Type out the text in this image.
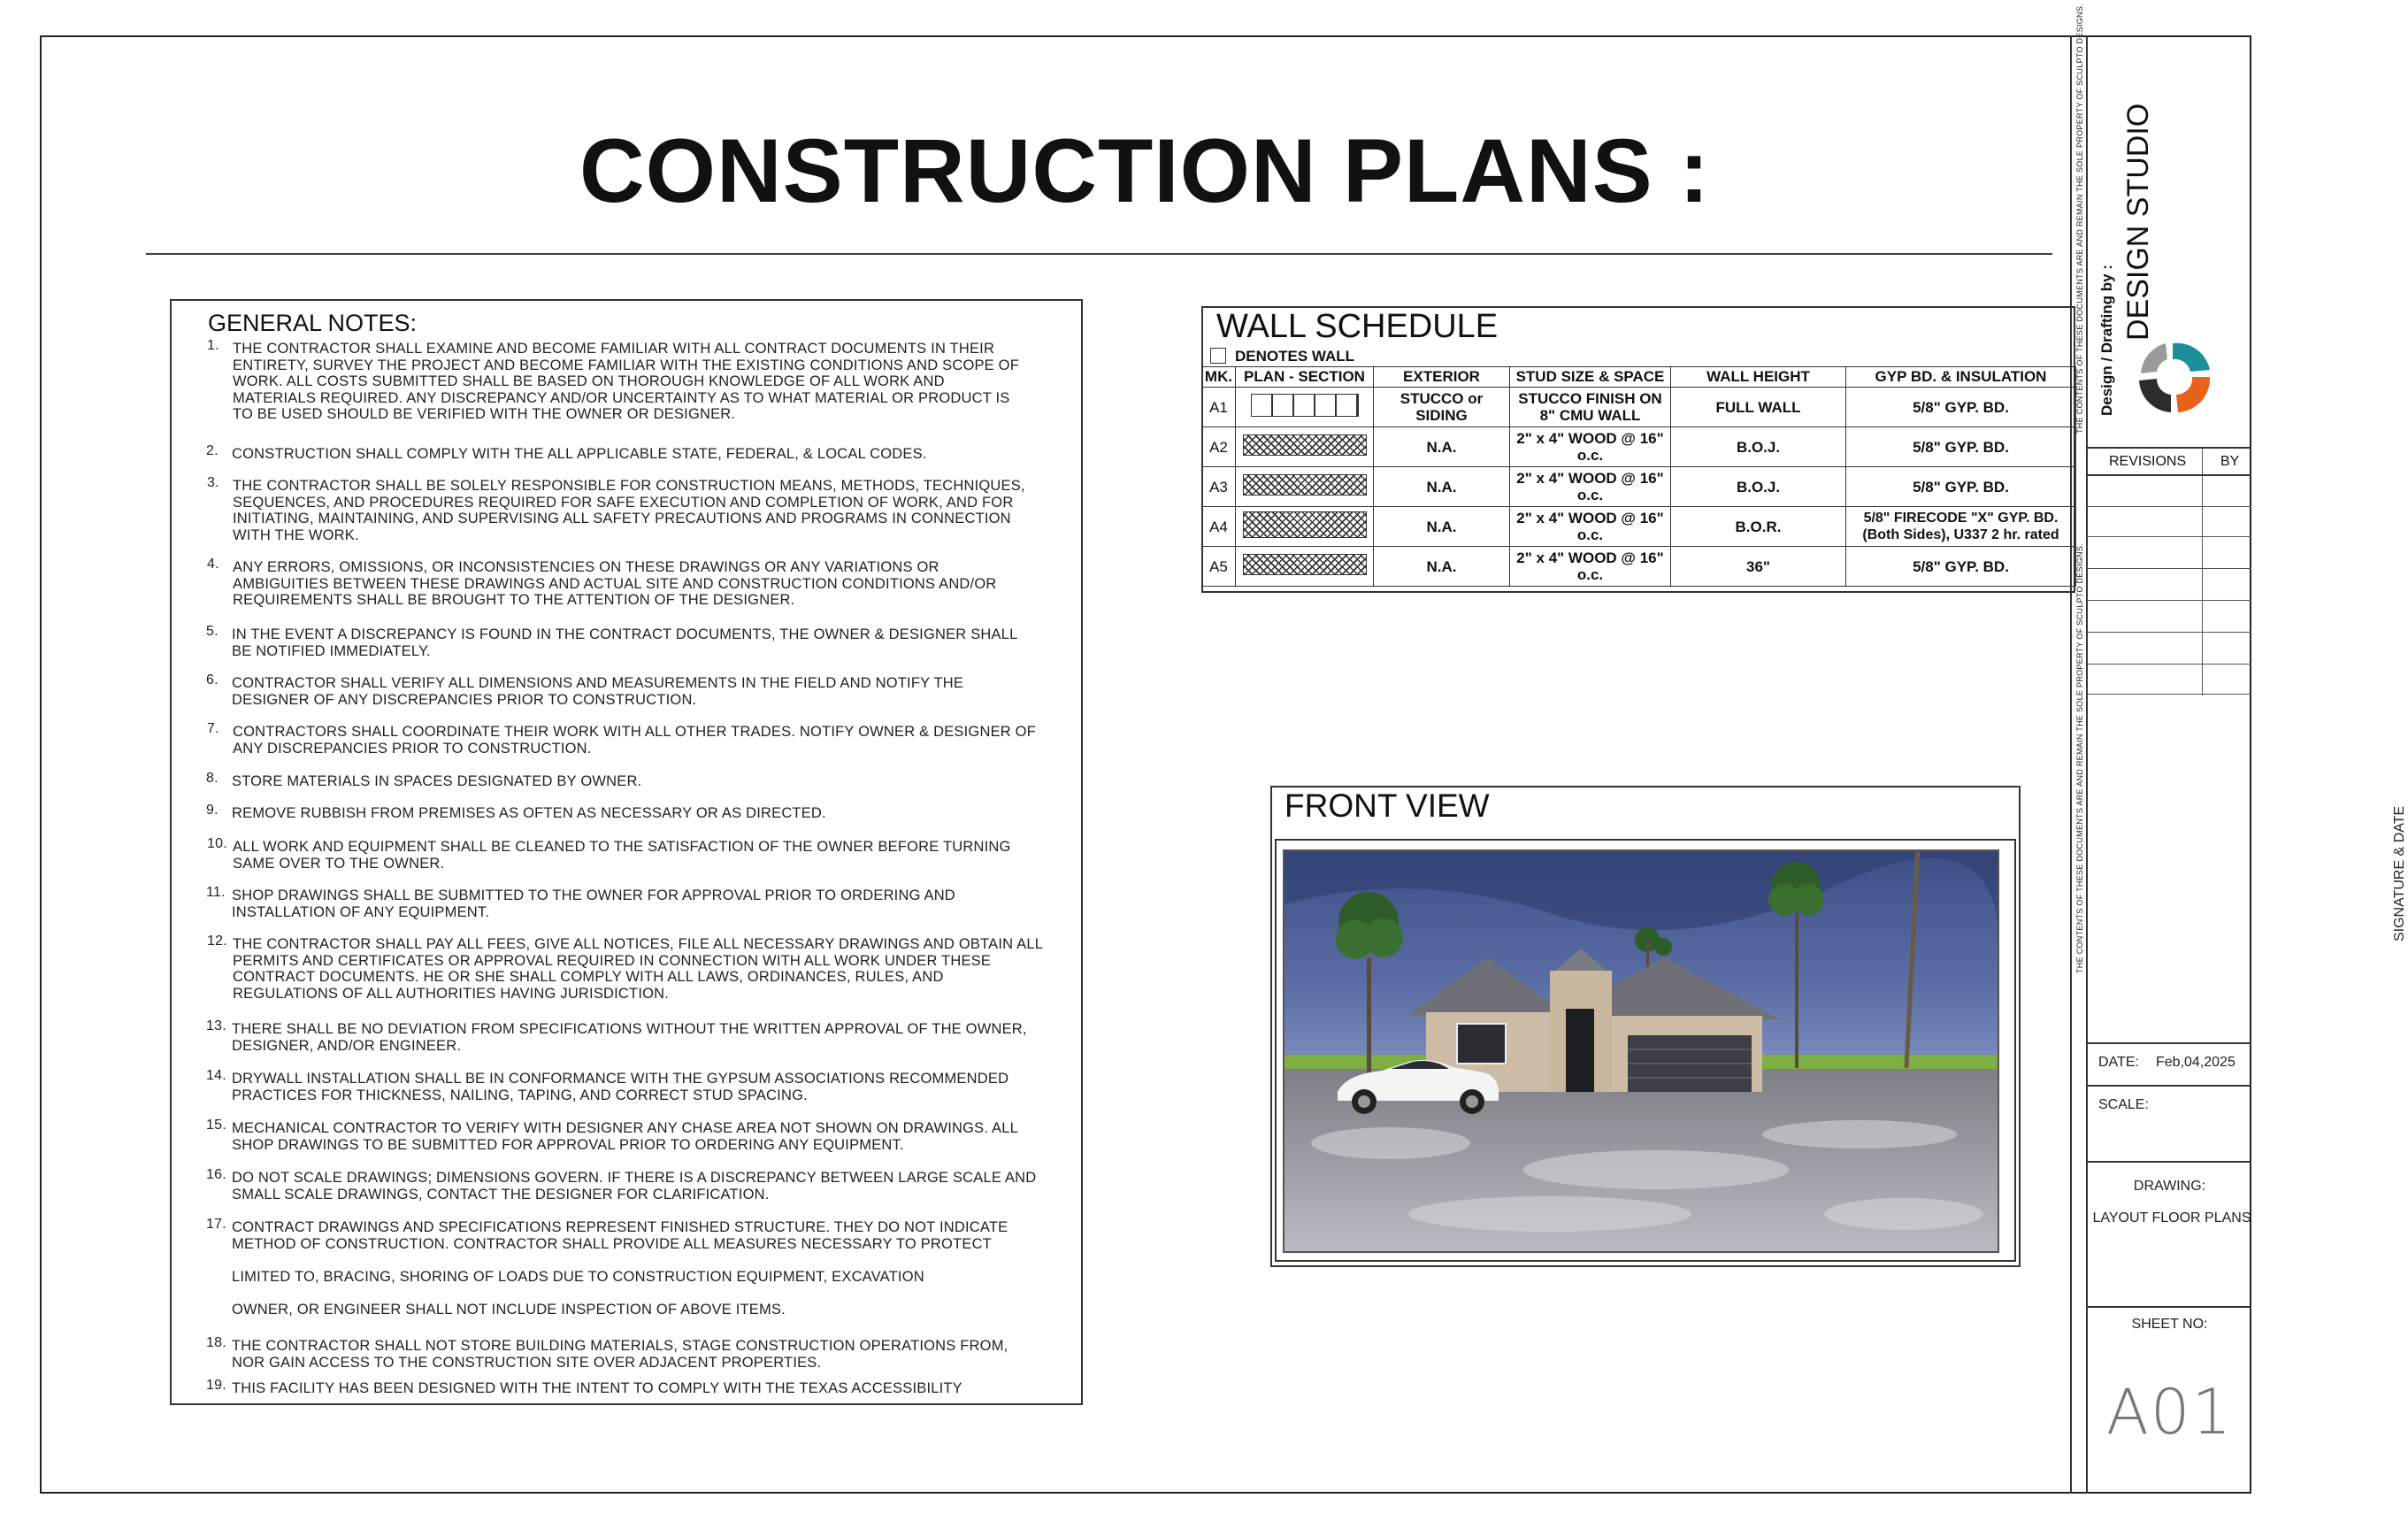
CONSTRUCTION PLANS :
GENERAL NOTES:
1. THE CONTRACTOR SHALL EXAMINE AND BECOME FAMILIAR WITH ALL CONTRACT DOCUMENTS IN THEIR
ENTIRETY, SURVEY THE PROJECT AND BECOME FAMILIAR WITH THE EXISTING CONDITIONS AND SCOPE OF
WORK. ALL COSTS SUBMITTED SHALL BE BASED ON THOROUGH KNOWLEDGE OF ALL WORK AND
MATERIALS REQUIRED. ANY DISCREPANCY AND/OR UNCERTAINTY AS TO WHAT MATERIAL OR PRODUCT IS
TO BE USED SHOULD BE VERIFIED WITH THE OWNER OR DESIGNER.
2. CONSTRUCTION SHALL COMPLY WITH THE ALL APPLICABLE STATE, FEDERAL, & LOCAL CODES.
3. THE CONTRACTOR SHALL BE SOLELY RESPONSIBLE FOR CONSTRUCTION MEANS, METHODS, TECHNIQUES,
SEQUENCES, AND PROCEDURES REQUIRED FOR SAFE EXECUTION AND COMPLETION OF WORK, AND FOR
INITIATING, MAINTAINING, AND SUPERVISING ALL SAFETY PRECAUTIONS AND PROGRAMS IN CONNECTION
WITH THE WORK.
4. ANY ERRORS, OMISSIONS, OR INCONSISTENCIES ON THESE DRAWINGS OR ANY VARIATIONS OR
AMBIGUITIES BETWEEN THESE DRAWINGS AND ACTUAL SITE AND CONSTRUCTION CONDITIONS AND/OR
REQUIREMENTS SHALL BE BROUGHT TO THE ATTENTION OF THE DESIGNER.
5. IN THE EVENT A DISCREPANCY IS FOUND IN THE CONTRACT DOCUMENTS, THE OWNER & DESIGNER SHALL
BE NOTIFIED IMMEDIATELY.
6. CONTRACTOR SHALL VERIFY ALL DIMENSIONS AND MEASUREMENTS IN THE FIELD AND NOTIFY THE
DESIGNER OF ANY DISCREPANCIES PRIOR TO CONSTRUCTION.
7. CONTRACTORS SHALL COORDINATE THEIR WORK WITH ALL OTHER TRADES. NOTIFY OWNER & DESIGNER OF
ANY DISCREPANCIES PRIOR TO CONSTRUCTION.
8. STORE MATERIALS IN SPACES DESIGNATED BY OWNER.
9. REMOVE RUBBISH FROM PREMISES AS OFTEN AS NECESSARY OR AS DIRECTED.
10. ALL WORK AND EQUIPMENT SHALL BE CLEANED TO THE SATISFACTION OF THE OWNER BEFORE TURNING
SAME OVER TO THE OWNER.
11. SHOP DRAWINGS SHALL BE SUBMITTED TO THE OWNER FOR APPROVAL PRIOR TO ORDERING AND
INSTALLATION OF ANY EQUIPMENT.
12. THE CONTRACTOR SHALL PAY ALL FEES, GIVE ALL NOTICES, FILE ALL NECESSARY DRAWINGS AND OBTAIN ALL
PERMITS AND CERTIFICATES OR APPROVAL REQUIRED IN CONNECTION WITH ALL WORK UNDER THESE
CONTRACT DOCUMENTS. HE OR SHE SHALL COMPLY WITH ALL LAWS, ORDINANCES, RULES, AND
REGULATIONS OF ALL AUTHORITIES HAVING JURISDICTION.
13. THERE SHALL BE NO DEVIATION FROM SPECIFICATIONS WITHOUT THE WRITTEN APPROVAL OF THE OWNER,
DESIGNER, AND/OR ENGINEER.
14. DRYWALL INSTALLATION SHALL BE IN CONFORMANCE WITH THE GYPSUM ASSOCIATIONS RECOMMENDED
PRACTICES FOR THICKNESS, NAILING, TAPING, AND CORRECT STUD SPACING.
15. MECHANICAL CONTRACTOR TO VERIFY WITH DESIGNER ANY CHASE AREA NOT SHOWN ON DRAWINGS. ALL
SHOP DRAWINGS TO BE SUBMITTED FOR APPROVAL PRIOR TO ORDERING ANY EQUIPMENT.
16. DO NOT SCALE DRAWINGS; DIMENSIONS GOVERN. IF THERE IS A DISCREPANCY BETWEEN LARGE SCALE AND
SMALL SCALE DRAWINGS, CONTACT THE DESIGNER FOR CLARIFICATION.
17. CONTRACT DRAWINGS AND SPECIFICATIONS REPRESENT FINISHED STRUCTURE. THEY DO NOT INDICATE
METHOD OF CONSTRUCTION. CONTRACTOR SHALL PROVIDE ALL MEASURES NECESSARY TO PROTECT
LIMITED TO, BRACING, SHORING OF LOADS DUE TO CONSTRUCTION EQUIPMENT, EXCAVATION
OWNER, OR ENGINEER SHALL NOT INCLUDE INSPECTION OF ABOVE ITEMS.
18. THE CONTRACTOR SHALL NOT STORE BUILDING MATERIALS, STAGE CONSTRUCTION OPERATIONS FROM,
NOR GAIN ACCESS TO THE CONSTRUCTION SITE OVER ADJACENT PROPERTIES.
19. THIS FACILITY HAS BEEN DESIGNED WITH THE INTENT TO COMPLY WITH THE TEXAS ACCESSIBILITY
WALL SCHEDULE
DENOTES WALL
MK.	PLAN - SECTION	EXTERIOR	STUD SIZE & SPACE	WALL HEIGHT	GYP BD. & INSULATION
A1		STUCCO or SIDING	STUCCO FINISH ON 8" CMU WALL	FULL WALL	5/8" GYP. BD.
A2		N.A.	2" x 4" WOOD @ 16" o.c.	B.O.J.	5/8" GYP. BD.
A3		N.A.	2" x 4" WOOD @ 16" o.c.	B.O.J.	5/8" GYP. BD.
A4		N.A.	2" x 4" WOOD @ 16" o.c.	B.O.R.	5/8" FIRECODE "X" GYP. BD. (Both Sides), U337 2 hr. rated
A5		N.A.	2" x 4" WOOD @ 16" o.c.	36"	5/8" GYP. BD.
FRONT VIEW
THE CONTENTS OF THESE DOCUMENTS ARE AND REMAIN THE SOLE PROPERTY OF SCULPTO DESIGNS.
THE CONTENTS OF THESE DOCUMENTS ARE AND REMAIN THE SOLE PROPERTY OF SCULPTO DESIGNS.
Design / Drafting by : DESIGN STUDIO
REVISIONS BY
SIGNATURE & DATE
DATE: Feb,04,2025
SCALE:
DRAWING:
LAYOUT FLOOR PLANS
SHEET NO:
A01
